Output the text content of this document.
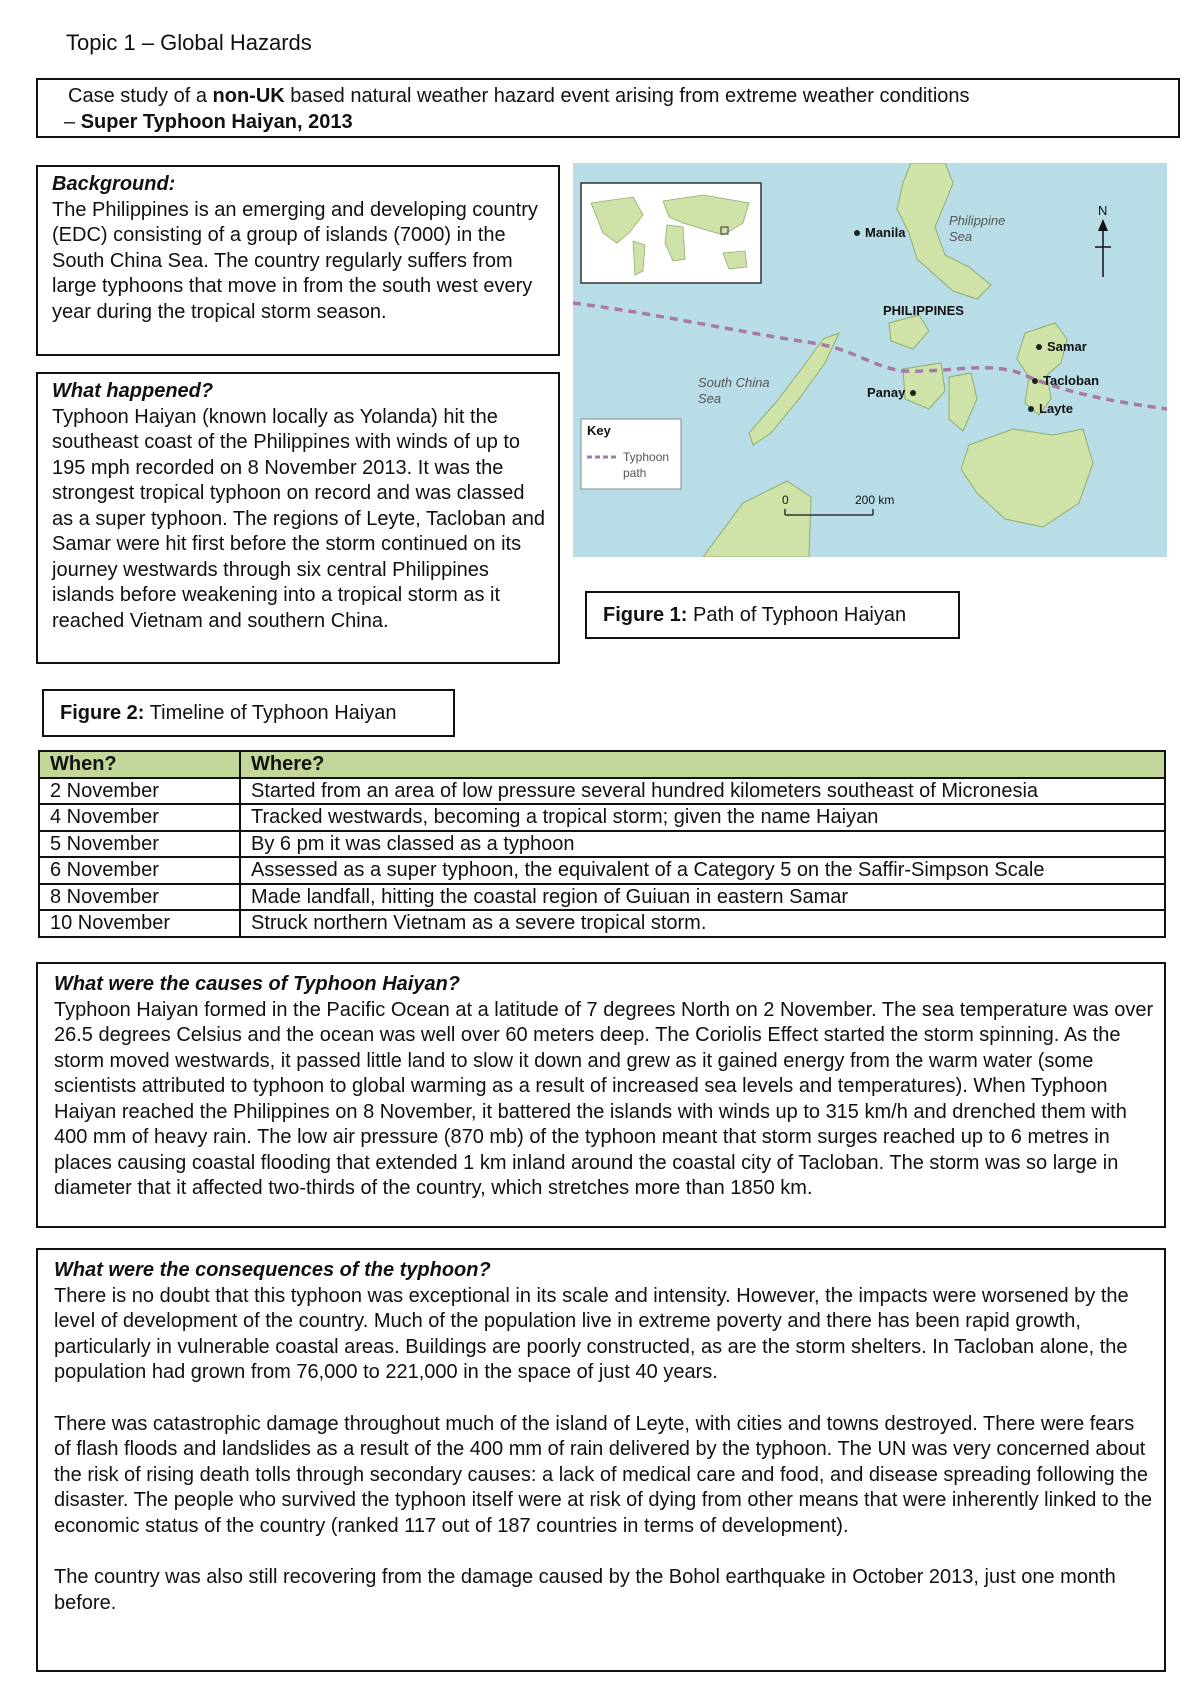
Topic 1 – Global Hazards

Case study of a non-UK based natural weather hazard event arising from extreme weather conditions

– Super Typhoon Haiyan, 2013

Background:

The Philippines is an emerging and developing country (EDC) consisting of a group of islands (7000) in the South China Sea. The country regularly suffers from large typhoons that move in from the south west every year during the tropical storm season.

What happened?

Typhoon Haiyan (known locally as Yolanda) hit the southeast coast of the Philippines with winds of up to 195 mph recorded on 8 November 2013. It was the strongest tropical typhoon on record and was classed as a super typhoon. The regions of Leyte, Tacloban and Samar were hit first before the storm continued on its journey westwards through six central Philippines islands before weakening into a tropical storm as it reached Vietnam and southern China.

Manila
Philippine
Sea
PHILIPPINES
Samar
Tacloban
Layte
Panay
South China
Sea
N
Key
Typhoon
path
0	200 km
Figure 1: Path of Typhoon Haiyan
Figure 2: Timeline of Typhoon Haiyan
When?	Where?
2 November	Started from an area of low pressure several hundred kilometers southeast of Micronesia
4 November	Tracked westwards, becoming a tropical storm; given the name Haiyan
5 November	By 6 pm it was classed as a typhoon
6 November	Assessed as a super typhoon, the equivalent of a Category 5 on the Saffir-Simpson Scale
8 November	Made landfall, hitting the coastal region of Guiuan in eastern Samar
10 November	Struck northern Vietnam as a severe tropical storm.

What were the causes of Typhoon Haiyan?

Typhoon Haiyan formed in the Pacific Ocean at a latitude of 7 degrees North on 2 November. The sea temperature was over 26.5 degrees Celsius and the ocean was well over 60 meters deep. The Coriolis Effect started the storm spinning. As the storm moved westwards, it passed little land to slow it down and grew as it gained energy from the warm water (some scientists attributed to typhoon to global warming as a result of increased sea levels and temperatures). When Typhoon Haiyan reached the Philippines on 8 November, it battered the islands with winds up to 315 km/h and drenched them with 400 mm of heavy rain. The low air pressure (870 mb) of the typhoon meant that storm surges reached up to 6 metres in places causing coastal flooding that extended 1 km inland around the coastal city of Tacloban. The storm was so large in diameter that it affected two-thirds of the country, which stretches more than 1850 km.

What were the consequences of the typhoon?

There is no doubt that this typhoon was exceptional in its scale and intensity. However, the impacts were worsened by the level of development of the country. Much of the population live in extreme poverty and there has been rapid growth, particularly in vulnerable coastal areas. Buildings are poorly constructed, as are the storm shelters. In Tacloban alone, the population had grown from 76,000 to 221,000 in the space of just 40 years.

There was catastrophic damage throughout much of the island of Leyte, with cities and towns destroyed. There were fears of flash floods and landslides as a result of the 400 mm of rain delivered by the typhoon. The UN was very concerned about the risk of rising death tolls through secondary causes: a lack of medical care and food, and disease spreading following the disaster. The people who survived the typhoon itself were at risk of dying from other means that were inherently linked to the economic status of the country (ranked 117 out of 187 countries in terms of development).

The country was also still recovering from the damage caused by the Bohol earthquake in October 2013, just one month before.
